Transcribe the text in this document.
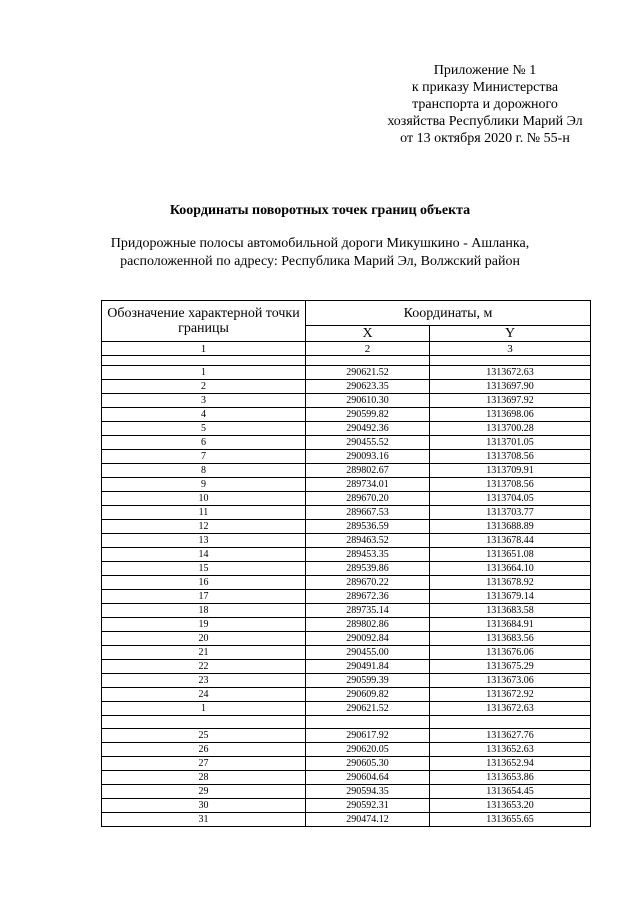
Приложение № 1
к приказу Министерства
транспорта и дорожного
хозяйства Республики Марий Эл
от 13 октября 2020 г. № 55-н
Координаты поворотных точек границ объекта
Придорожные полосы автомобильной дороги Микушкино - Ашланка,
расположенной по адресу: Республика Марий Эл, Волжский район
Обозначение характерной точки границы	Координаты, м	
	X	Y
1	2	3

1	290621.52	1313672.63
2	290623.35	1313697.90
3	290610.30	1313697.92
4	290599.82	1313698.06
5	290492.36	1313700.28
6	290455.52	1313701.05
7	290093.16	1313708.56
8	289802.67	1313709.91
9	289734.01	1313708.56
10	289670.20	1313704.05
11	289667.53	1313703.77
12	289536.59	1313688.89
13	289463.52	1313678.44
14	289453.35	1313651.08
15	289539.86	1313664.10
16	289670.22	1313678.92
17	289672.36	1313679.14
18	289735.14	1313683.58
19	289802.86	1313684.91
20	290092.84	1313683.56
21	290455.00	1313676.06
22	290491.84	1313675.29
23	290599.39	1313673.06
24	290609.82	1313672.92
1	290621.52	1313672.63

25	290617.92	1313627.76
26	290620.05	1313652.63
27	290605.30	1313652.94
28	290604.64	1313653.86
29	290594.35	1313654.45
30	290592.31	1313653.20
31	290474.12	1313655.65
